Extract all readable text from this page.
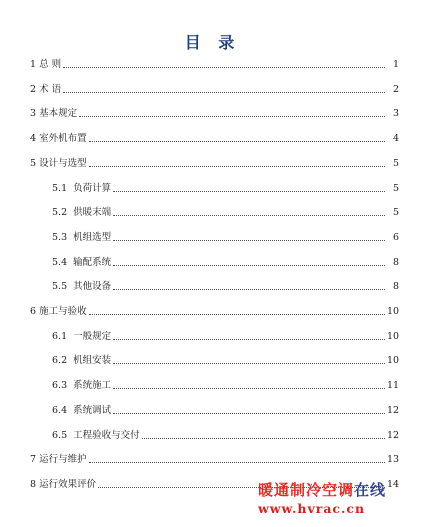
目 录
1 总 则	1
2 术 语	2
3 基本规定	3
4 室外机布置	4
5 设计与选型	5
5.1 负荷计算	5
5.2 供暖末端	5
5.3 机组选型	6
5.4 输配系统	8
5.5 其他设备	8
6 施工与验收	10
6.1 一般规定	10
6.2 机组安装	10
6.3 系统施工	11
6.4 系统调试	12
6.5 工程验收与交付	12
7 运行与维护	13
8 运行效果评价	14
暖通制冷空调在线
www.hvrac.cn
